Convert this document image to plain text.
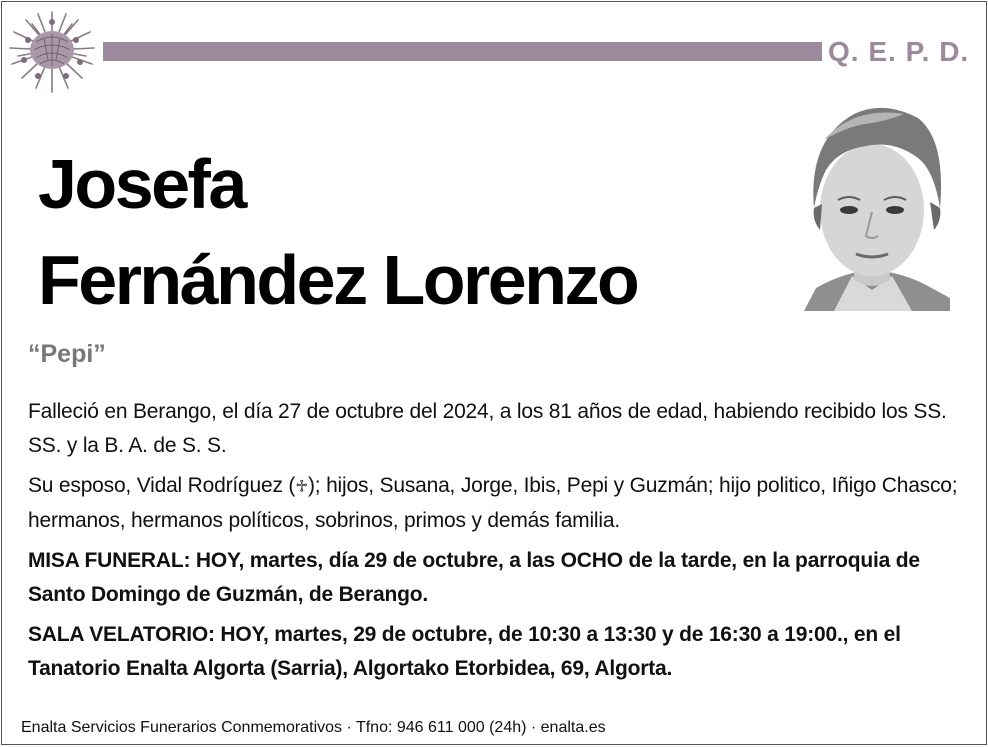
Q. E. P. D.
Josefa
Fernández Lorenzo
“Pepi”

Falleció en Berango, el día 27 de octubre del 2024, a los 81 años de edad, habiendo recibido los SS. SS. y la B. A. de S. S.

Su esposo, Vidal Rodríguez (♱); hijos, Susana, Jorge, Ibis, Pepi y Guzmán; hijo politico, Iñigo Chasco; hermanos, hermanos políticos, sobrinos, primos y demás familia.

MISA FUNERAL: HOY, martes, día 29 de octubre, a las OCHO de la tarde, en la parroquia de Santo Domingo de Guzmán, de Berango.

SALA VELATORIO: HOY, martes, 29 de octubre, de 10:30 a 13:30 y de 16:30 a 19:00., en el Tanatorio Enalta Algorta (Sarria), Algortako Etorbidea, 69, Algorta.

Enalta Servicios Funerarios Conmemorativos · Tfno: 946 611 000 (24h) · enalta.es
